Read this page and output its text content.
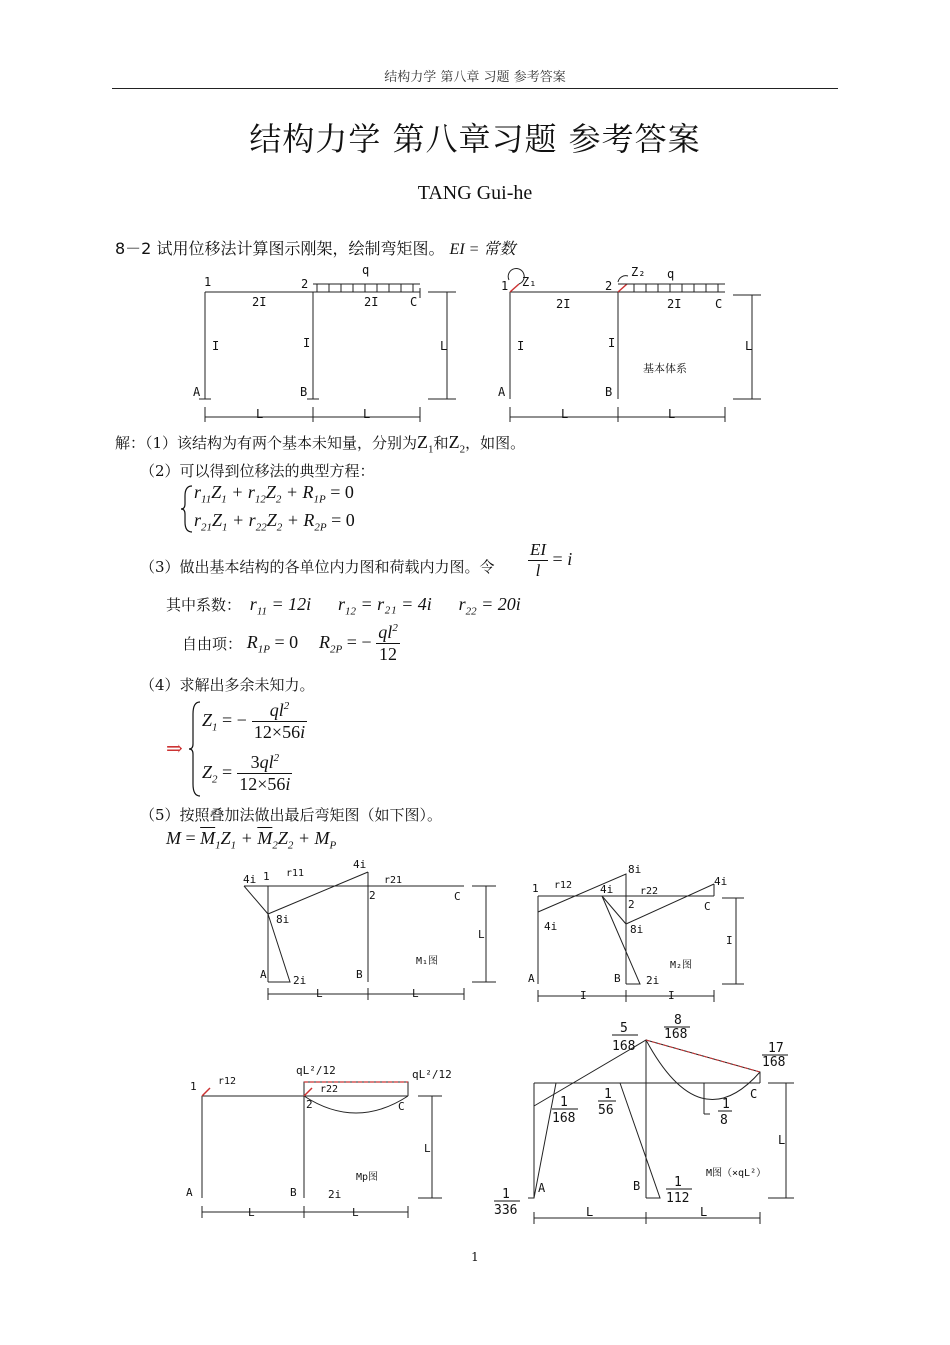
结构力学 第八章 习题 参考答案
结构力学 第八章习题 参考答案
TANG Gui-he
8－2 试用位移法计算图示刚架，绘制弯矩图。 EI = 常数
1	2
C
A	B
2I	2I
I	I
q
L
L	L
1	2
C
A	B
Z₁
Z₂ q
2I	2I
I	I
基本体系
L
L	L
解：（1）该结构为有两个基本未知量，分别为$Z_1$和$Z_2$，如图。
（2）可以得到位移法的典型方程：
$r_{11}Z_1 + r_{12}Z_2 + R_{1P} = 0$
$r_{21}Z_1 + r_{22}Z_2 + R_{2P} = 0$
（3）做出基本结构的各单位内力图和荷载内力图。令 $\frac{EI}{l} = i$
其中系数： $r_{11} = 12i$ $r_{12} = r_{21} = 4i$ $r_{22} = 20i$
自由项： $R_{1P} = 0$ $R_{2P}$ = − $\frac{ql^2}{12}$
（4）求解出多余未知力。
⇒
$Z_1$ = − $\frac{ql^2}{12\times 56i}$
$Z_2 = \frac{3ql^2}{12\times 56i}$
（5）按照叠加法做出最后弯矩图（如下图）。
$M = \overline{M}_1Z_1 + \overline{M}_2Z_2 + M_P$
4i
4i
8i
2i
1 r11
r21
2	C
A	B
M₁图
L
L	L
8i
4i
4i
4i
8i
2i
1 r12
r22
2	C
A	B
M₂图
I
I	I
qL²/12	qL²/12
2i
1 r12
r22
2	C
A	B
Mp图
L
L	L
5
168
8
168
17
168
1
168
1
56	1
8
1
336
1
112
A	B
C
M图（×qL²）
L
L	L
1
